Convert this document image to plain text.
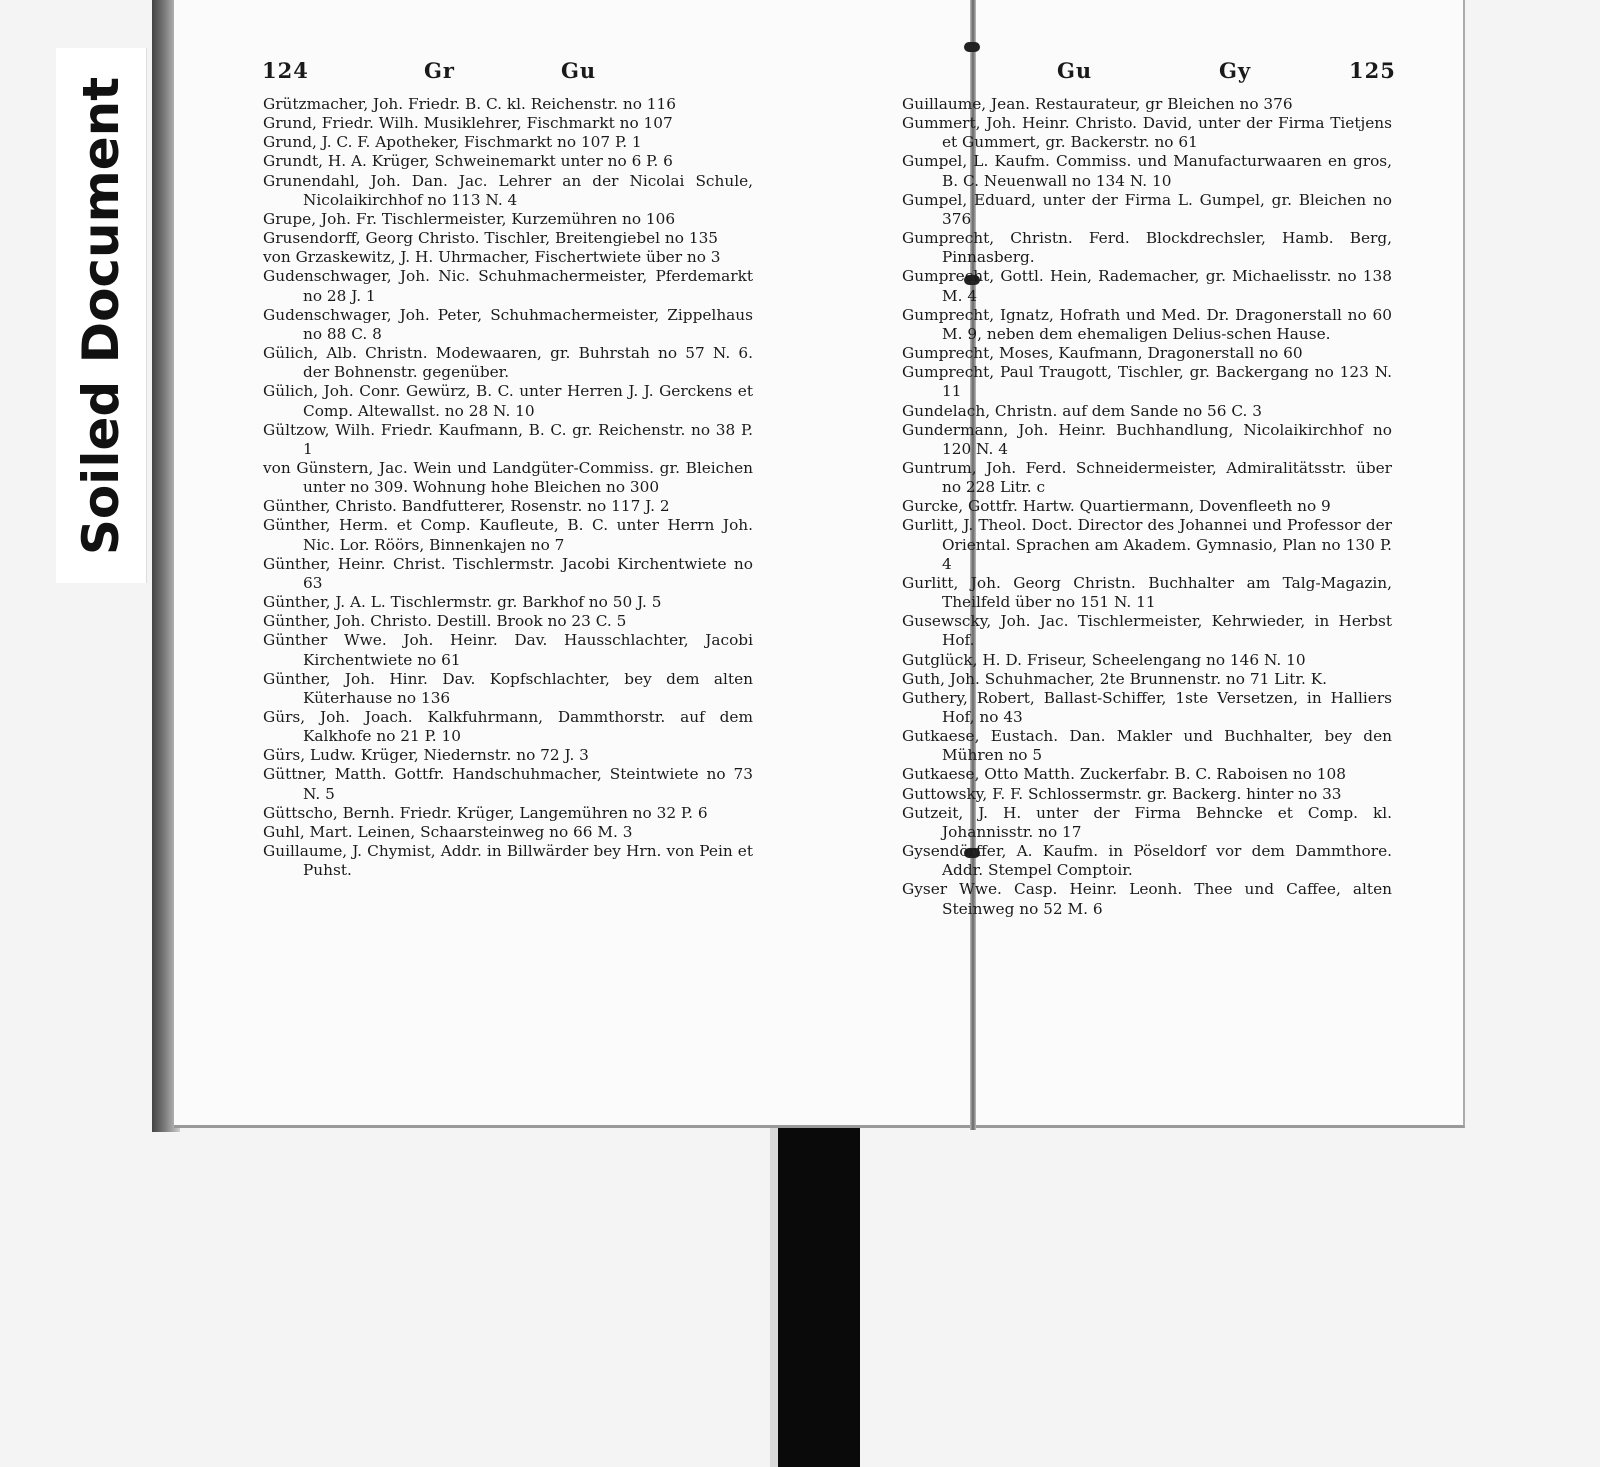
Soiled Document
124	Gr	Gu	Gu	Gy	125
Grützmacher, Joh. Friedr. B. C. kl. Reichenstr. no 116
Grund, Friedr. Wilh. Musiklehrer, Fischmarkt no 107
Grund, J. C. F. Apotheker, Fischmarkt no 107 P. 1
Grundt, H. A. Krüger, Schweinemarkt unter no 6 P. 6
Grunendahl, Joh. Dan. Jac. Lehrer an der Nicolai Schule, Nicolaikirchhof no 113 N. 4
Grupe, Joh. Fr. Tischlermeister, Kurzemühren no 106
Grusendorff, Georg Christo. Tischler, Breitengiebel no 135
von Grzaskewitz, J. H. Uhrmacher, Fischertwiete über no 3
Gudenschwager, Joh. Nic. Schuhmachermeister, Pferdemarkt no 28 J. 1
Gudenschwager, Joh. Peter, Schuhmachermeister, Zippelhaus no 88 C. 8
Gülich, Alb. Christn. Modewaaren, gr. Buhrstah no 57 N. 6. der Bohnenstr. gegenüber.
Gülich, Joh. Conr. Gewürz, B. C. unter Herren J. J. Gerckens et Comp. Altewallst. no 28 N. 10
Gültzow, Wilh. Friedr. Kaufmann, B. C. gr. Reichenstr. no 38 P. 1
von Günstern, Jac. Wein und Landgüter-Commiss. gr. Bleichen unter no 309. Wohnung hohe Bleichen no 300
Günther, Christo. Bandfutterer, Rosenstr. no 117 J. 2
Günther, Herm. et Comp. Kaufleute, B. C. unter Herrn Joh. Nic. Lor. Röörs, Binnenkajen no 7
Günther, Heinr. Christ. Tischlermstr. Jacobi Kirchentwiete no 63
Günther, J. A. L. Tischlermstr. gr. Barkhof no 50 J. 5
Günther, Joh. Christo. Destill. Brook no 23 C. 5
Günther Wwe. Joh. Heinr. Dav. Hausschlachter, Jacobi Kirchentwiete no 61
Günther, Joh. Hinr. Dav. Kopfschlachter, bey dem alten Küterhause no 136
Gürs, Joh. Joach. Kalkfuhrmann, Dammthorstr. auf dem Kalkhofe no 21 P. 10
Gürs, Ludw. Krüger, Niedernstr. no 72 J. 3
Güttner, Matth. Gottfr. Handschuhmacher, Steintwiete no 73 N. 5
Güttscho, Bernh. Friedr. Krüger, Langemühren no 32 P. 6
Guhl, Mart. Leinen, Schaarsteinweg no 66 M. 3
Guillaume, J. Chymist, Addr. in Billwärder bey Hrn. von Pein et Puhst.
Guillaume, Jean. Restaurateur, gr Bleichen no 376
Gummert, Joh. Heinr. Christo. David, unter der Firma Tietjens et Gummert, gr. Backerstr. no 61
Gumpel, L. Kaufm. Commiss. und Manufacturwaaren en gros, B. C. Neuenwall no 134 N. 10
Gumpel, Eduard, unter der Firma L. Gumpel, gr. Bleichen no 376
Gumprecht, Christn. Ferd. Blockdrechsler, Hamb. Berg, Pinnasberg.
Gumprecht, Gottl. Hein, Rademacher, gr. Michaelisstr. no 138 M. 4
Gumprecht, Ignatz, Hofrath und Med. Dr. Dragonerstall no 60 M. 9, neben dem ehemaligen Delius-schen Hause.
Gumprecht, Moses, Kaufmann, Dragonerstall no 60
Gumprecht, Paul Traugott, Tischler, gr. Backergang no 123 N. 11
Gundelach, Christn. auf dem Sande no 56 C. 3
Gundermann, Joh. Heinr. Buchhandlung, Nicolaikirchhof no 120 N. 4
Guntrum, Joh. Ferd. Schneidermeister, Admiralitätsstr. über no 228 Litr. c
Gurcke, Gottfr. Hartw. Quartiermann, Dovenfleeth no 9
Gurlitt, J. Theol. Doct. Director des Johannei und Professor der Oriental. Sprachen am Akadem. Gymnasio, Plan no 130 P. 4
Gurlitt, Joh. Georg Christn. Buchhalter am Talg-Magazin, Theilfeld über no 151 N. 11
Gusewscky, Joh. Jac. Tischlermeister, Kehrwieder, in Herbst Hof.
Gutglück, H. D. Friseur, Scheelengang no 146 N. 10
Guth, Joh. Schuhmacher, 2te Brunnenstr. no 71 Litr. K.
Guthery, Robert, Ballast-Schiffer, 1ste Versetzen, in Halliers Hof, no 43
Gutkaese, Eustach. Dan. Makler und Buchhalter, bey den Mühren no 5
Gutkaese, Otto Matth. Zuckerfabr. B. C. Raboisen no 108
Guttowsky, F. F. Schlossermstr. gr. Backerg. hinter no 33
Gutzeit, J. H. unter der Firma Behncke et Comp. kl. Johannisstr. no 17
Gysendörffer, A. Kaufm. in Pöseldorf vor dem Dammthore. Addr. Stempel Comptoir.
Gyser Wwe. Casp. Heinr. Leonh. Thee und Caffee, alten Steinweg no 52 M. 6
